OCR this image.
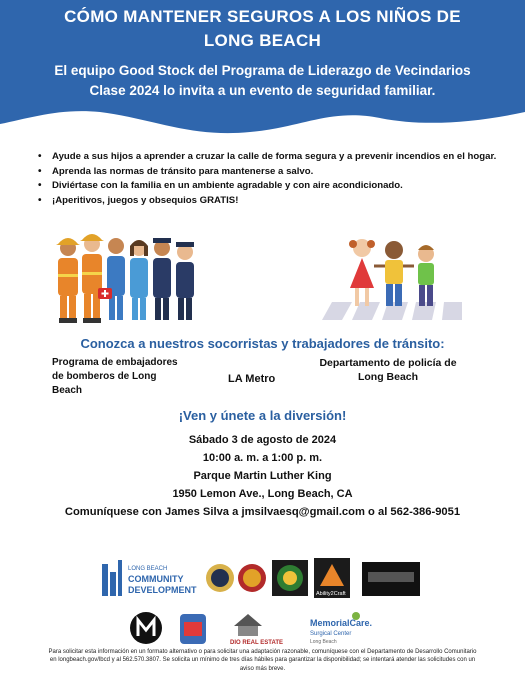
CÓMO MANTENER SEGUROS A LOS NIÑOS DE
LONG BEACH
El equipo Good Stock del Programa de Liderazgo de Vecindarios
Clase 2024 lo invita a un evento de seguridad familiar.
• Ayude a sus hijos a aprender a cruzar la calle de forma segura y a prevenir incendios en el hogar.
• Aprenda las normas de tránsito para mantenerse a salvo.
• Diviértase con la familia en un ambiente agradable y con aire acondicionado.
• ¡Aperitivos, juegos y obsequios GRATIS!
Conozca a nuestros socorristas y trabajadores de tránsito:
Programa de embajadores
de bomberos de Long Beach
LA Metro
Departamento de policía de
Long Beach
¡Ven y únete a la diversión!
Sábado 3 de agosto de 2024
10:00 a. m. a 1:00 p. m.
Parque Martin Luther King
1950 Lemon Ave., Long Beach, CA
Comuníquese con James Silva a jmsilvaesq@gmail.com o al 562-386-9051
LONG BEACH
COMMUNITY
DEVELOPMENT	Ability2Craft
DIO REAL ESTATE
MemorialCare.
Surgical Center
Long Beach
Para solicitar esta información en un formato alternativo o para solicitar una adaptación razonable, comuníquese con el Departamento de Desarrollo Comunitario
en longbeach.gov/lbcd y al 562.570.3807. Se solicita un mínimo de tres días hábiles para garantizar la disponibilidad; se intentará atender las solicitudes con un
aviso más breve.
